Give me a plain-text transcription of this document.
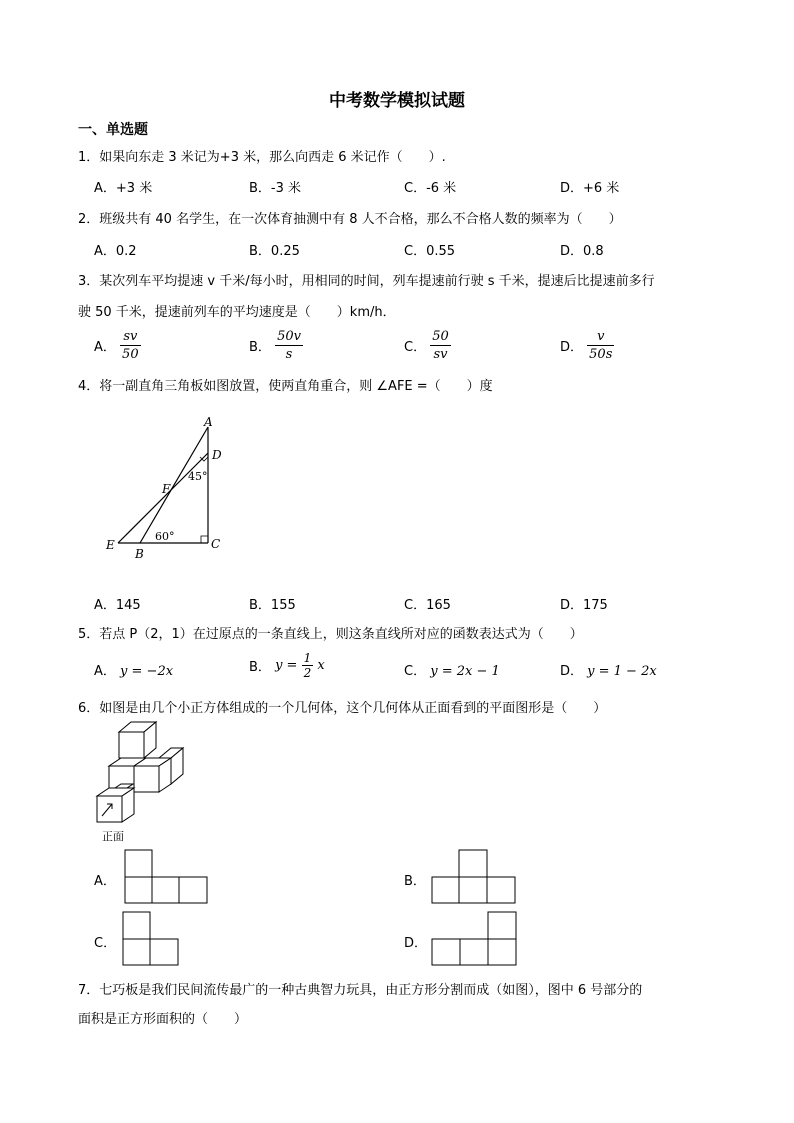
中考数学模拟试题
一、单选题
1．如果向东走 3 米记为+3 米，那么向西走 6 米记作（　　）.
A．+3 米	B．-3 米	C．-6 米	D．+6 米
2．班级共有 40 名学生，在一次体育抽测中有 8 人不合格，那么不合格人数的频率为（　　）
A．0.2	B．0.25	C．0.55	D．0.8
3．某次列车平均提速 v 千米/每小时，用相同的时间，列车提速前行驶 s 千米，提速后比提速前多行
驶 50 千米，提速前列车的平均速度是（　　）km/h．
A． $\frac{sv}{50}$	B． $\frac{50v}{s}$	C． $\frac{50}{sv}$	D． $\frac{v}{50s}$
4．将一副直角三角板如图放置，使两直角重合，则 ∠AFE =（　　）度
A
D
F
E
B
C
45°
60°
A．145	B．155	C．165	D．175
5．若点 P（2，1）在过原点的一条直线上，则这条直线所对应的函数表达式为（　　）
A． y = −2x	B． $y = \frac{1}{2}$ x	C． y = 2x − 1	D． y = 1 − 2x
6．如图是由几个小正方体组成的一个几何体，这个几何体从正面看到的平面图形是（　　）
正面
A．	B．
C．	D．
7．七巧板是我们民间流传最广的一种古典智力玩具，由正方形分割而成（如图），图中 6 号部分的
面积是正方形面积的（　　）
